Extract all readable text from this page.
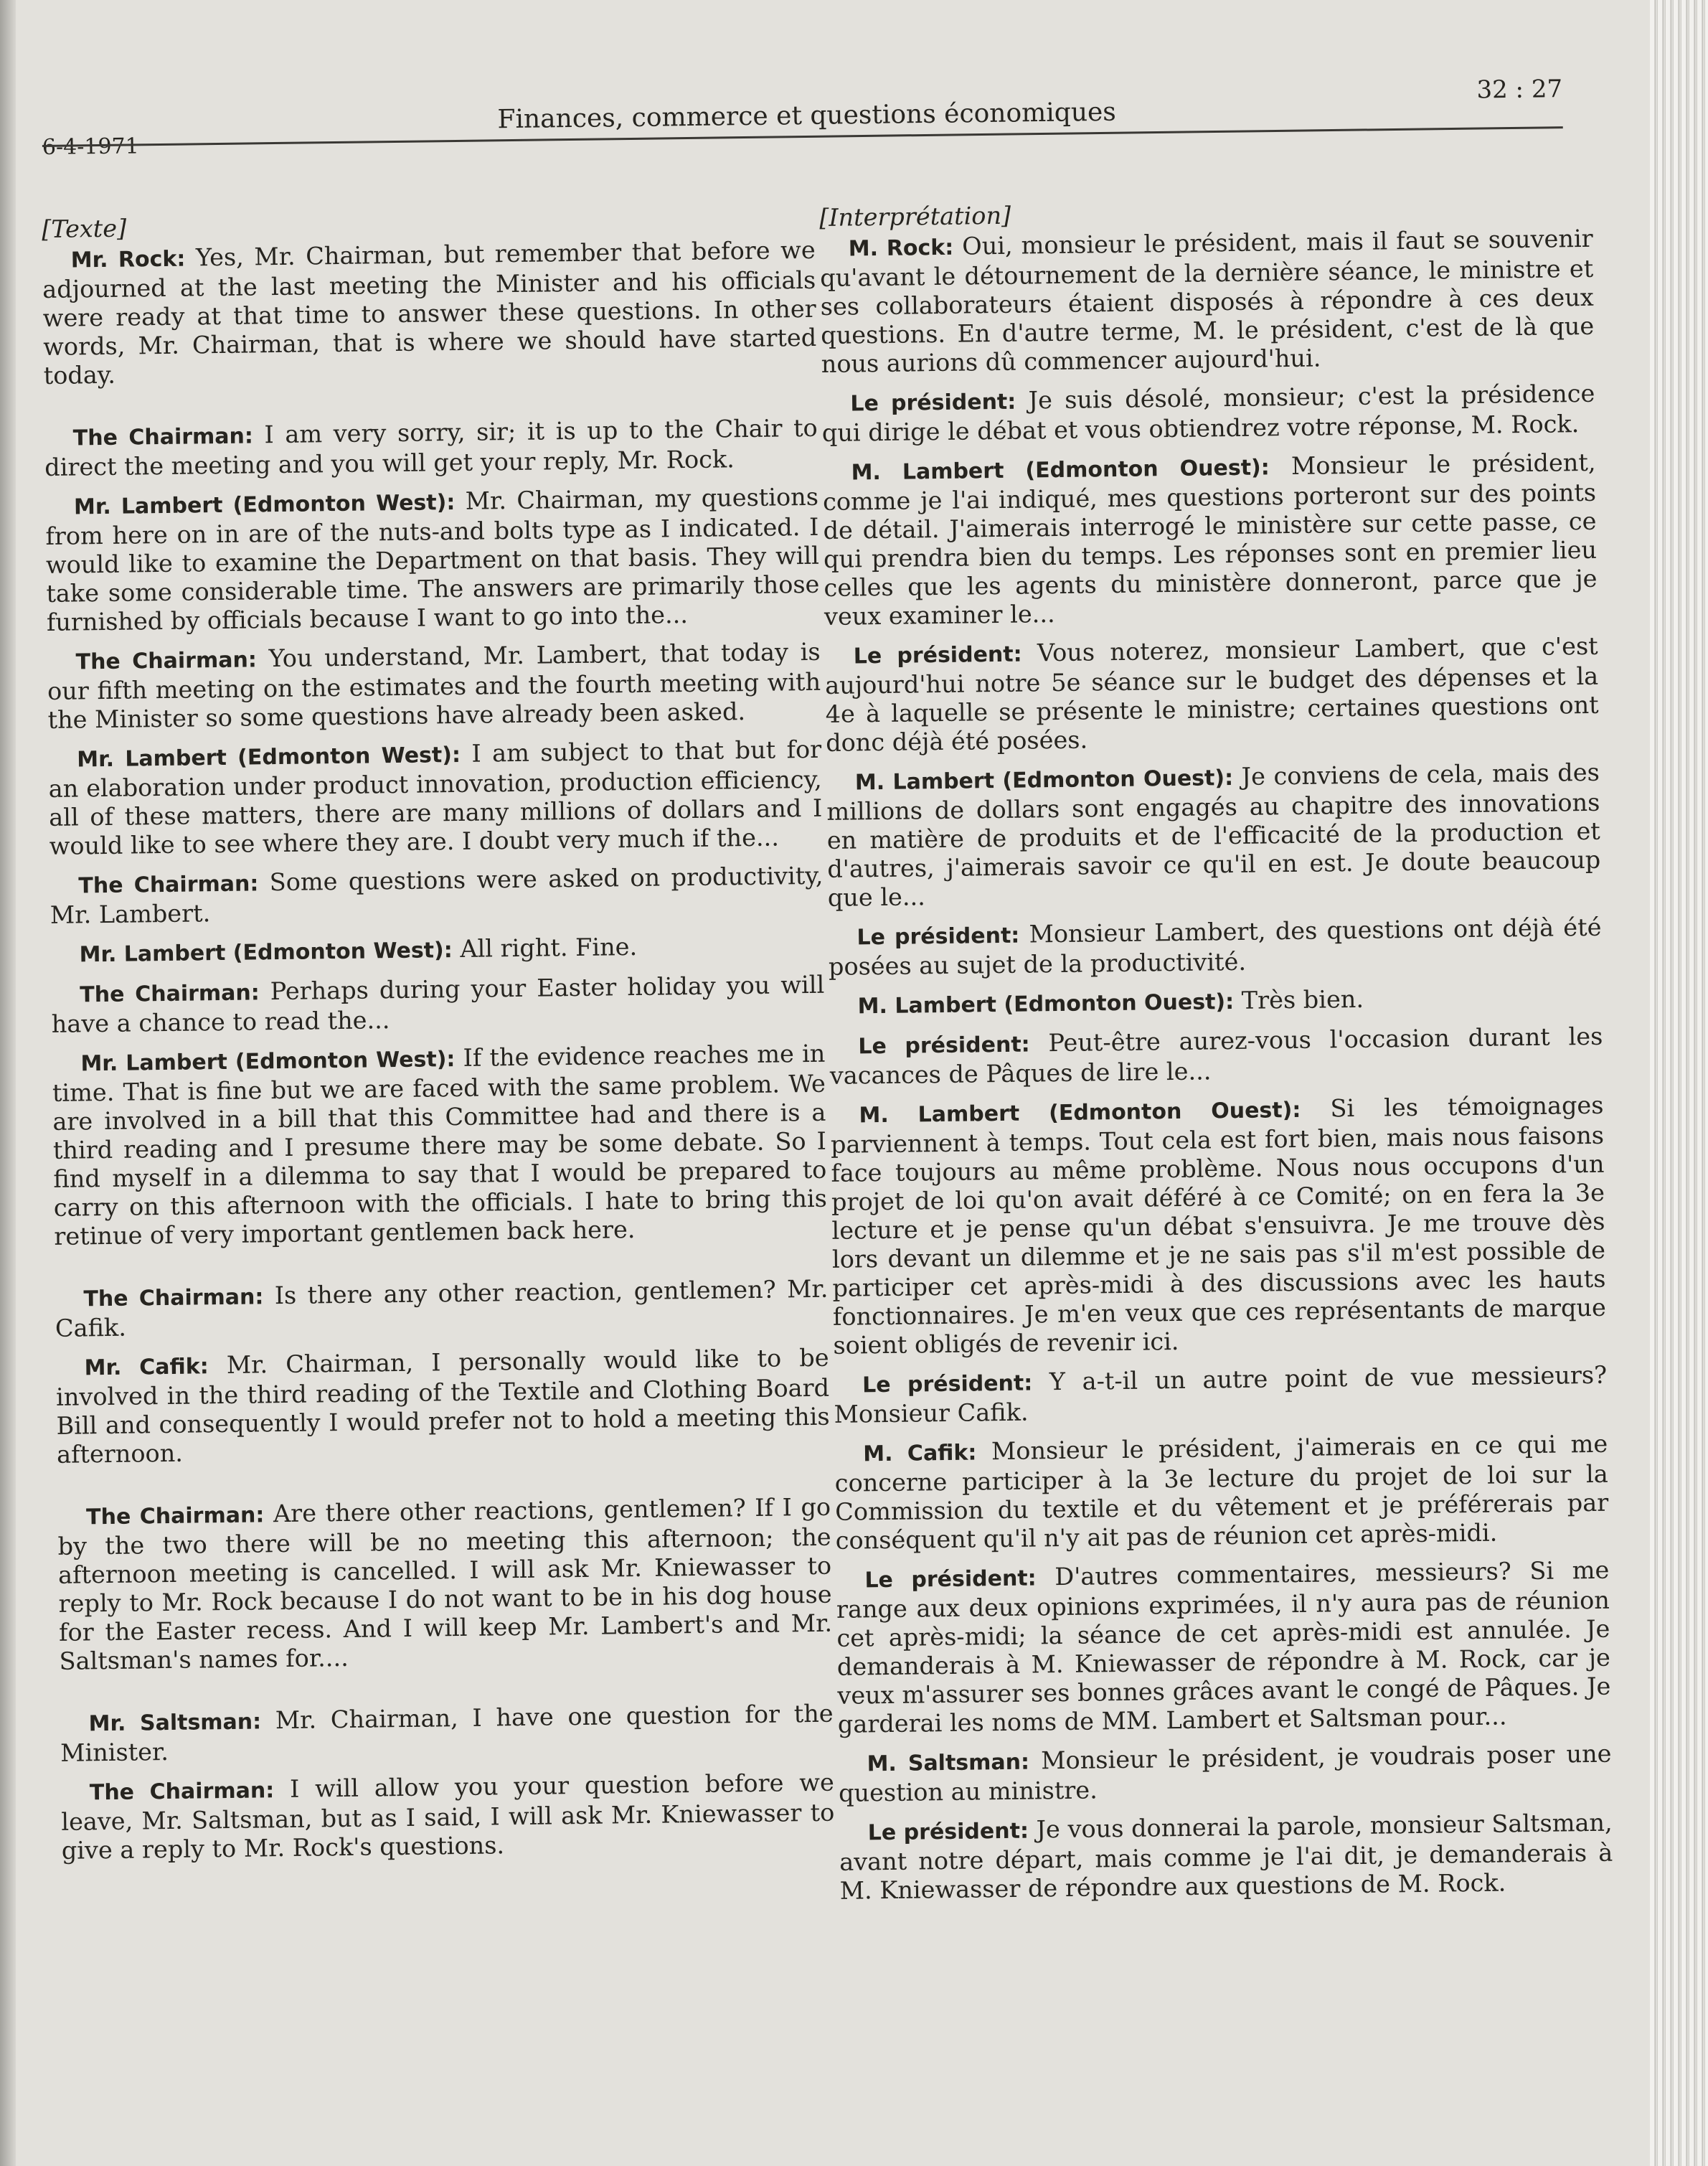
6-4-1971
Finances, commerce et questions économiques
32 : 27
[Texte]

Mr. Rock: Yes, Mr. Chairman, but remember that before we adjourned at the last meeting the Minister and his officials were ready at that time to answer these questions. In other words, Mr. Chairman, that is where we should have started today.

The Chairman: I am very sorry, sir; it is up to the Chair to direct the meeting and you will get your reply, Mr. Rock.

Mr. Lambert (Edmonton West): Mr. Chairman, my questions from here on in are of the nuts-and bolts type as I indicated. I would like to examine the Department on that basis. They will take some considerable time. The answers are primarily those furnished by officials because I want to go into the...

The Chairman: You understand, Mr. Lambert, that today is our fifth meeting on the estimates and the fourth meeting with the Minister so some questions have already been asked.

Mr. Lambert (Edmonton West): I am subject to that but for an elaboration under product innovation, production efficiency, all of these matters, there are many millions of dollars and I would like to see where they are. I doubt very much if the...

The Chairman: Some questions were asked on productivity, Mr. Lambert.

Mr. Lambert (Edmonton West): All right. Fine.

The Chairman: Perhaps during your Easter holiday you will have a chance to read the...

Mr. Lambert (Edmonton West): If the evidence reaches me in time. That is fine but we are faced with the same problem. We are involved in a bill that this Committee had and there is a third reading and I presume there may be some debate. So I find myself in a dilemma to say that I would be prepared to carry on this afternoon with the officials. I hate to bring this retinue of very important gentlemen back here.

The Chairman: Is there any other reaction, gentlemen? Mr. Cafik.

Mr. Cafik: Mr. Chairman, I personally would like to be involved in the third reading of the Textile and Clothing Board Bill and consequently I would prefer not to hold a meeting this afternoon.

The Chairman: Are there other reactions, gentlemen? If I go by the two there will be no meeting this afternoon; the afternoon meeting is cancelled. I will ask Mr. Kniewasser to reply to Mr. Rock because I do not want to be in his dog house for the Easter recess. And I will keep Mr. Lambert's and Mr. Saltsman's names for....

Mr. Saltsman: Mr. Chairman, I have one question for the Minister.

The Chairman: I will allow you your question before we leave, Mr. Saltsman, but as I said, I will ask Mr. Kniewasser to give a reply to Mr. Rock's questions.

[Interprétation]

M. Rock: Oui, monsieur le président, mais il faut se souvenir qu'avant le détournement de la dernière séance, le ministre et ses collaborateurs étaient disposés à répondre à ces deux questions. En d'autre terme, M. le président, c'est de là que nous aurions dû commencer aujourd'hui.

Le président: Je suis désolé, monsieur; c'est la présidence qui dirige le débat et vous obtiendrez votre réponse, M. Rock.

M. Lambert (Edmonton Ouest): Monsieur le président, comme je l'ai indiqué, mes questions porteront sur des points de détail. J'aimerais interrogé le ministère sur cette passe, ce qui prendra bien du temps. Les réponses sont en premier lieu celles que les agents du ministère donneront, parce que je veux examiner le...

Le président: Vous noterez, monsieur Lambert, que c'est aujourd'hui notre 5e séance sur le budget des dépenses et la 4e à laquelle se présente le ministre; certaines questions ont donc déjà été posées.

M. Lambert (Edmonton Ouest): Je conviens de cela, mais des millions de dollars sont engagés au chapitre des innovations en matière de produits et de l'efficacité de la production et d'autres, j'aimerais savoir ce qu'il en est. Je doute beaucoup que le...

Le président: Monsieur Lambert, des questions ont déjà été posées au sujet de la productivité.

M. Lambert (Edmonton Ouest): Très bien.

Le président: Peut-être aurez-vous l'occasion durant les vacances de Pâques de lire le...

M. Lambert (Edmonton Ouest): Si les témoignages parviennent à temps. Tout cela est fort bien, mais nous faisons face toujours au même problème. Nous nous occupons d'un projet de loi qu'on avait déféré à ce Comité; on en fera la 3e lecture et je pense qu'un débat s'ensuivra. Je me trouve dès lors devant un dilemme et je ne sais pas s'il m'est possible de participer cet après-midi à des discussions avec les hauts fonctionnaires. Je m'en veux que ces représentants de marque soient obligés de revenir ici.

Le président: Y a-t-il un autre point de vue messieurs? Monsieur Cafik.

M. Cafik: Monsieur le président, j'aimerais en ce qui me concerne participer à la 3e lecture du projet de loi sur la Commission du textile et du vêtement et je préférerais par conséquent qu'il n'y ait pas de réunion cet après-midi.

Le président: D'autres commentaires, messieurs? Si me range aux deux opinions exprimées, il n'y aura pas de réunion cet après-midi; la séance de cet après-midi est annulée. Je demanderais à M. Kniewasser de répondre à M. Rock, car je veux m'assurer ses bonnes grâces avant le congé de Pâques. Je garderai les noms de MM. Lambert et Saltsman pour...

M. Saltsman: Monsieur le président, je voudrais poser une question au ministre.

Le président: Je vous donnerai la parole, monsieur Saltsman, avant notre départ, mais comme je l'ai dit, je demanderais à M. Kniewasser de répondre aux questions de M. Rock.
